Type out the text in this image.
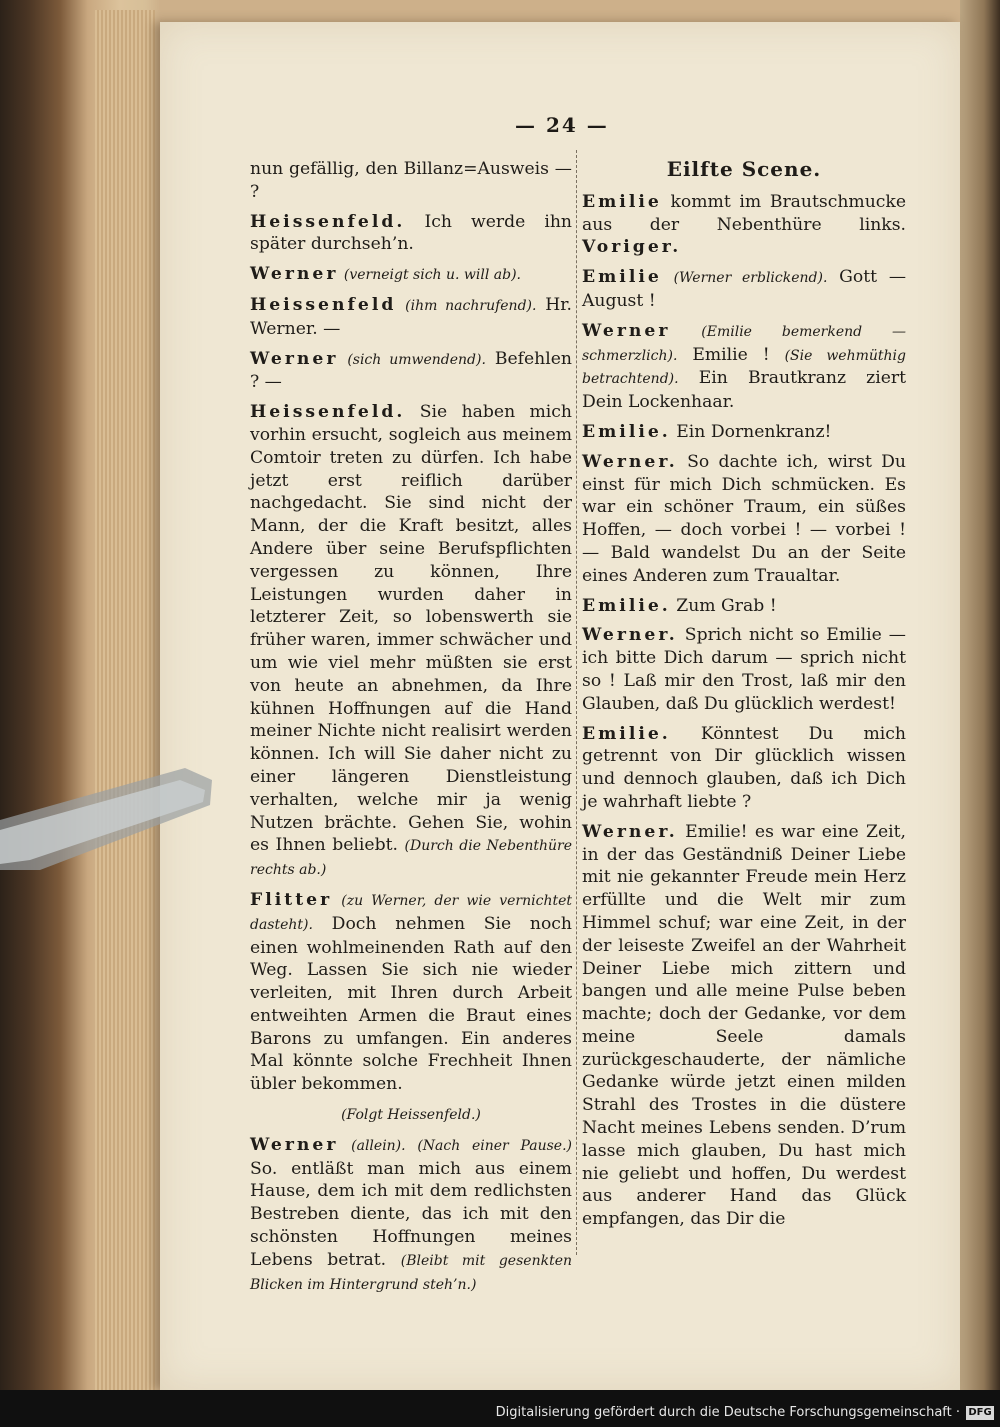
— 24 —

nun gefällig, den Billanz=Ausweis — ?

Heissenfeld. Ich werde ihn später durchseh’n.

Werner (verneigt sich u. will ab).

Heissenfeld (ihm nachrufend). Hr. Werner. —

Werner (sich umwendend). Befehlen ? —

Heissenfeld. Sie haben mich vorhin ersucht, sogleich aus meinem Comtoir treten zu dürfen. Ich habe jetzt erst reiflich darüber nachgedacht. Sie sind nicht der Mann, der die Kraft besitzt, alles Andere über seine Berufspflichten vergessen zu können, Ihre Leistungen wurden daher in letzterer Zeit, so lobenswerth sie früher waren, immer schwächer und um wie viel mehr müßten sie erst von heute an abnehmen, da Ihre kühnen Hoffnungen auf die Hand meiner Nichte nicht realisirt werden können. Ich will Sie daher nicht zu einer längeren Dienstleistung verhalten, welche mir ja wenig Nutzen brächte. Gehen Sie, wohin es Ihnen beliebt. (Durch die Nebenthüre rechts ab.)

Flitter (zu Werner, der wie vernichtet dasteht). Doch nehmen Sie noch einen wohlmeinenden Rath auf den Weg. Lassen Sie sich nie wieder verleiten, mit Ihren durch Arbeit entweihten Armen die Braut eines Barons zu umfangen. Ein anderes Mal könnte solche Frechheit Ihnen übler bekommen.

(Folgt Heissenfeld.)

Werner (allein). (Nach einer Pause.) So. entläßt man mich aus einem Hause, dem ich mit dem redlichsten Bestreben diente, das ich mit den schönsten Hoffnungen meines Lebens betrat. (Bleibt mit gesenkten Blicken im Hintergrund steh’n.)

Eilfte Scene.

Emilie kommt im Brautschmucke aus der Nebenthüre links. Voriger.

Emilie (Werner erblickend). Gott — August !

Werner (Emilie bemerkend — schmerzlich). Emilie ! (Sie wehmüthig betrachtend). Ein Brautkranz ziert Dein Lockenhaar.

Emilie. Ein Dornenkranz!

Werner. So dachte ich, wirst Du einst für mich Dich schmücken. Es war ein schöner Traum, ein süßes Hoffen, — doch vorbei ! — vorbei ! — Bald wandelst Du an der Seite eines Anderen zum Traualtar.

Emilie. Zum Grab !

Werner. Sprich nicht so Emilie — ich bitte Dich darum — sprich nicht so ! Laß mir den Trost, laß mir den Glauben, daß Du glücklich werdest!

Emilie. Könntest Du mich getrennt von Dir glücklich wissen und dennoch glauben, daß ich Dich je wahrhaft liebte ?

Werner. Emilie! es war eine Zeit, in der das Geständniß Deiner Liebe mit nie gekannter Freude mein Herz erfüllte und die Welt mir zum Himmel schuf; war eine Zeit, in der der leiseste Zweifel an der Wahrheit Deiner Liebe mich zittern und bangen und alle meine Pulse beben machte; doch der Gedanke, vor dem meine Seele damals zurückgeschauderte, der nämliche Gedanke würde jetzt einen milden Strahl des Trostes in die düstere Nacht meines Lebens senden. D’rum lasse mich glauben, Du hast mich nie geliebt und hoffen, Du werdest aus anderer Hand das Glück empfangen, das Dir die

Digitalisierung gefördert durch die Deutsche Forschungsgemeinschaft · DFG
